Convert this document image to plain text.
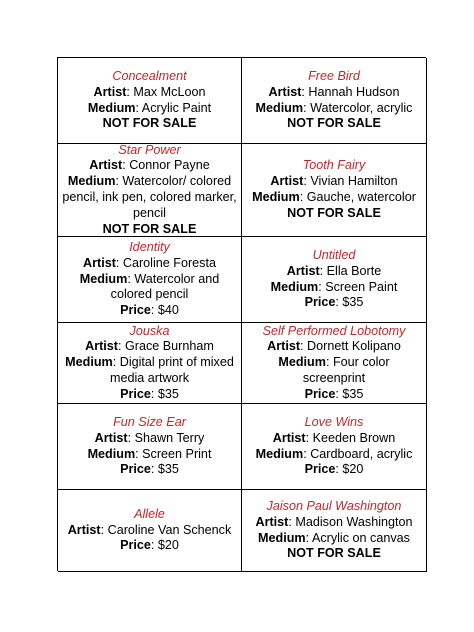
Concealment
Artist: Max McLoon
Medium: Acrylic Paint
NOT FOR SALE
Free Bird
Artist: Hannah Hudson
Medium: Watercolor, acrylic
NOT FOR SALE
Star Power
Artist: Connor Payne
Medium: Watercolor/ colored pencil, ink pen, colored marker, pencil
NOT FOR SALE
Tooth Fairy
Artist: Vivian Hamilton
Medium: Gauche, watercolor
NOT FOR SALE
Identity
Artist: Caroline Foresta
Medium: Watercolor and colored pencil
Price: $40
Untitled
Artist: Ella Borte
Medium: Screen Paint
Price: $35
Jouska
Artist: Grace Burnham
Medium: Digital print of mixed media artwork
Price: $35
Self Performed Lobotomy
Artist: Dornett Kolipano
Medium: Four color screenprint
Price: $35
Fun Size Ear
Artist: Shawn Terry
Medium: Screen Print
Price: $35
Love Wins
Artist: Keeden Brown
Medium: Cardboard, acrylic
Price: $20
Allele
Artist: Caroline Van Schenck
Price: $20
Jaison Paul Washington
Artist: Madison Washington
Medium: Acrylic on canvas
NOT FOR SALE
